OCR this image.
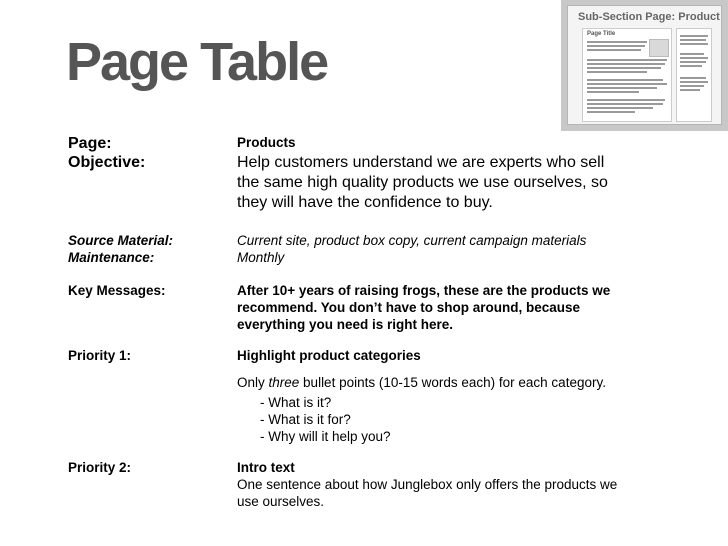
Page Table
Sub-Section Page: Product
Page Title
Page:	Products
Objective:	Help customers understand we are experts who sell
the same high quality products we use ourselves, so
they will have the confidence to buy.
Source Material:	Current site, product box copy, current campaign materials
Maintenance:	Monthly
Key Messages:	After 10+ years of raising frogs, these are the products we
recommend. You don’t have to shop around, because
everything you need is right here.
Priority 1:	Highlight product categories
Only three bullet points (10-15 words each) for each category.
- What is it?
- What is it for?
- Why will it help you?
Priority 2:	Intro text
One sentence about how Junglebox only offers the products we
use ourselves.
